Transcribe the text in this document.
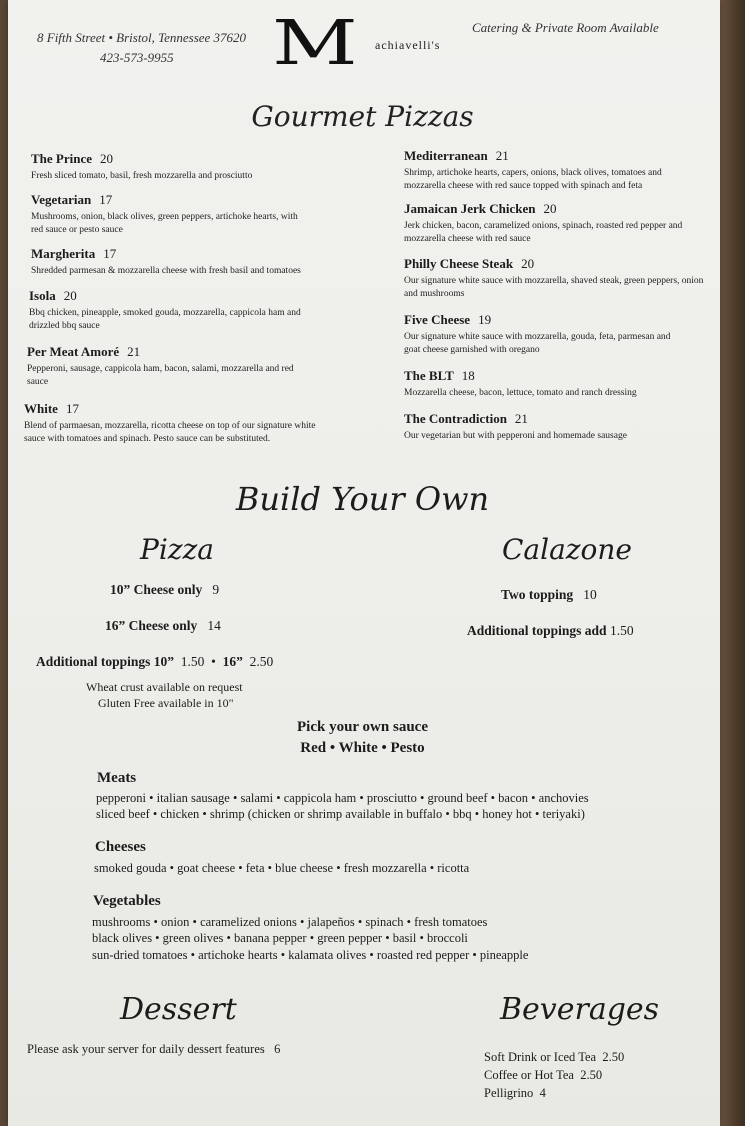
8 Fifth Street • Bristol, Tennessee 37620
423-573-9955 M achiavelli's
Catering & Private Room Available
Gourmet Pizzas
The Prince 20
Fresh sliced tomato, basil, fresh mozzarella and prosciutto
Vegetarian 17
Mushrooms, onion, black olives, green peppers, artichoke hearts, with red sauce or pesto sauce
Margherita 17
Shredded parmesan & mozzarella cheese with fresh basil and tomatoes
Isola 20
Bbq chicken, pineapple, smoked gouda, mozzarella, cappicola ham and drizzled bbq sauce
Per Meat Amoré 21
Pepperoni, sausage, cappicola ham, bacon, salami, mozzarella and red sauce
White 17
Blend of parmaesan, mozzarella, ricotta cheese on top of our signature white sauce with tomatoes and spinach. Pesto sauce can be substituted.
Mediterranean 21
Shrimp, artichoke hearts, capers, onions, black olives, tomatoes and mozzarella cheese with red sauce topped with spinach and feta
Jamaican Jerk Chicken 20
Jerk chicken, bacon, caramelized onions, spinach, roasted red pepper and mozzarella cheese with red sauce
Philly Cheese Steak 20
Our signature white sauce with mozzarella, shaved steak, green peppers, onion and mushrooms
Five Cheese 19
Our signature white sauce with mozzarella, gouda, feta, parmesan and goat cheese garnished with oregano
The BLT 18
Mozzarella cheese, bacon, lettuce, tomato and ranch dressing
The Contradiction 21
Our vegetarian but with pepperoni and homemade sausage
Build Your Own
Pizza
10” Cheese only 9
16” Cheese only 14
Additional toppings 10” 1.50  •  16” 2.50
Wheat crust available on request
Gluten Free available in 10"
Calazone
Two topping 10
Additional toppings add 1.50
Pick your own sauce
Red • White • Pesto
Meats
pepperoni • italian sausage • salami • cappicola ham • prosciutto • ground beef • bacon • anchovies
sliced beef • chicken • shrimp (chicken or shrimp available in buffalo • bbq • honey hot • teriyaki)
Cheeses
smoked gouda • goat cheese • feta • blue cheese • fresh mozzarella • ricotta
Vegetables
mushrooms • onion • caramelized onions • jalapeños • spinach • fresh tomatoes
black olives • green olives • banana pepper • green pepper • basil • broccoli
sun-dried tomatoes • artichoke hearts • kalamata olives • roasted red pepper • pineapple
Dessert
Please ask your server for daily dessert features 6
Beverages
Soft Drink or Iced Tea 2.50
Coffee or Hot Tea 2.50
Pelligrino 4
